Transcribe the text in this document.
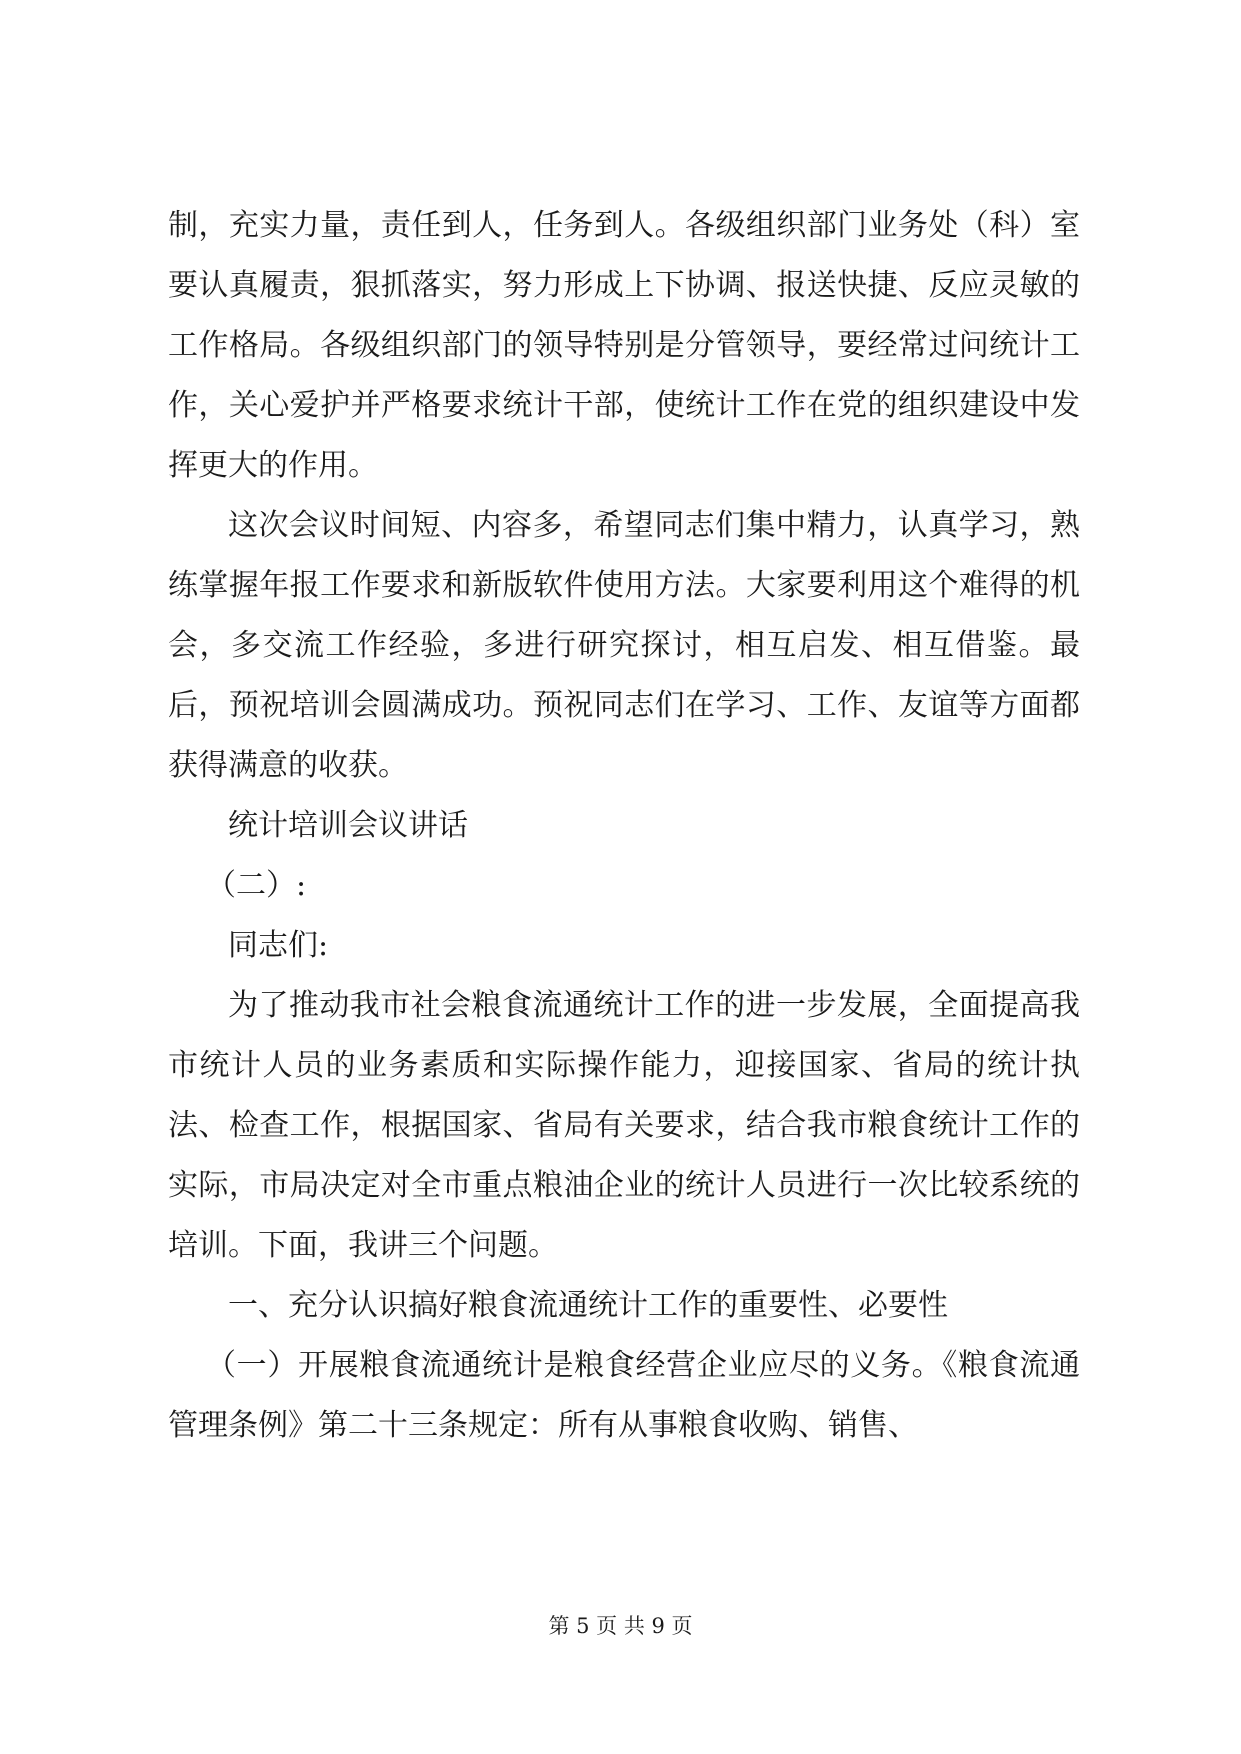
制，充实力量，责任到人，任务到人。各级组织部门业务处（科）室要认真履责，狠抓落实，努力形成上下协调、报送快捷、反应灵敏的工作格局。各级组织部门的领导特别是分管领导，要经常过问统计工作，关心爱护并严格要求统计干部，使统计工作在党的组织建设中发挥更大的作用。

这次会议时间短、内容多，希望同志们集中精力，认真学习，熟练掌握年报工作要求和新版软件使用方法。大家要利用这个难得的机会，多交流工作经验，多进行研究探讨，相互启发、相互借鉴。最后，预祝培训会圆满成功。预祝同志们在学习、工作、友谊等方面都获得满意的收获。

统计培训会议讲话

（二）:

同志们:

为了推动我市社会粮食流通统计工作的进一步发展，全面提高我市统计人员的业务素质和实际操作能力，迎接国家、省局的统计执法、检查工作，根据国家、省局有关要求，结合我市粮食统计工作的实际，市局决定对全市重点粮油企业的统计人员进行一次比较系统的培训。下面，我讲三个问题。

一、充分认识搞好粮食流通统计工作的重要性、必要性

（一）开展粮食流通统计是粮食经营企业应尽的义务。《粮食流通管理条例》第二十三条规定：所有从事粮食收购、销售、

第 5 页 共 9 页
